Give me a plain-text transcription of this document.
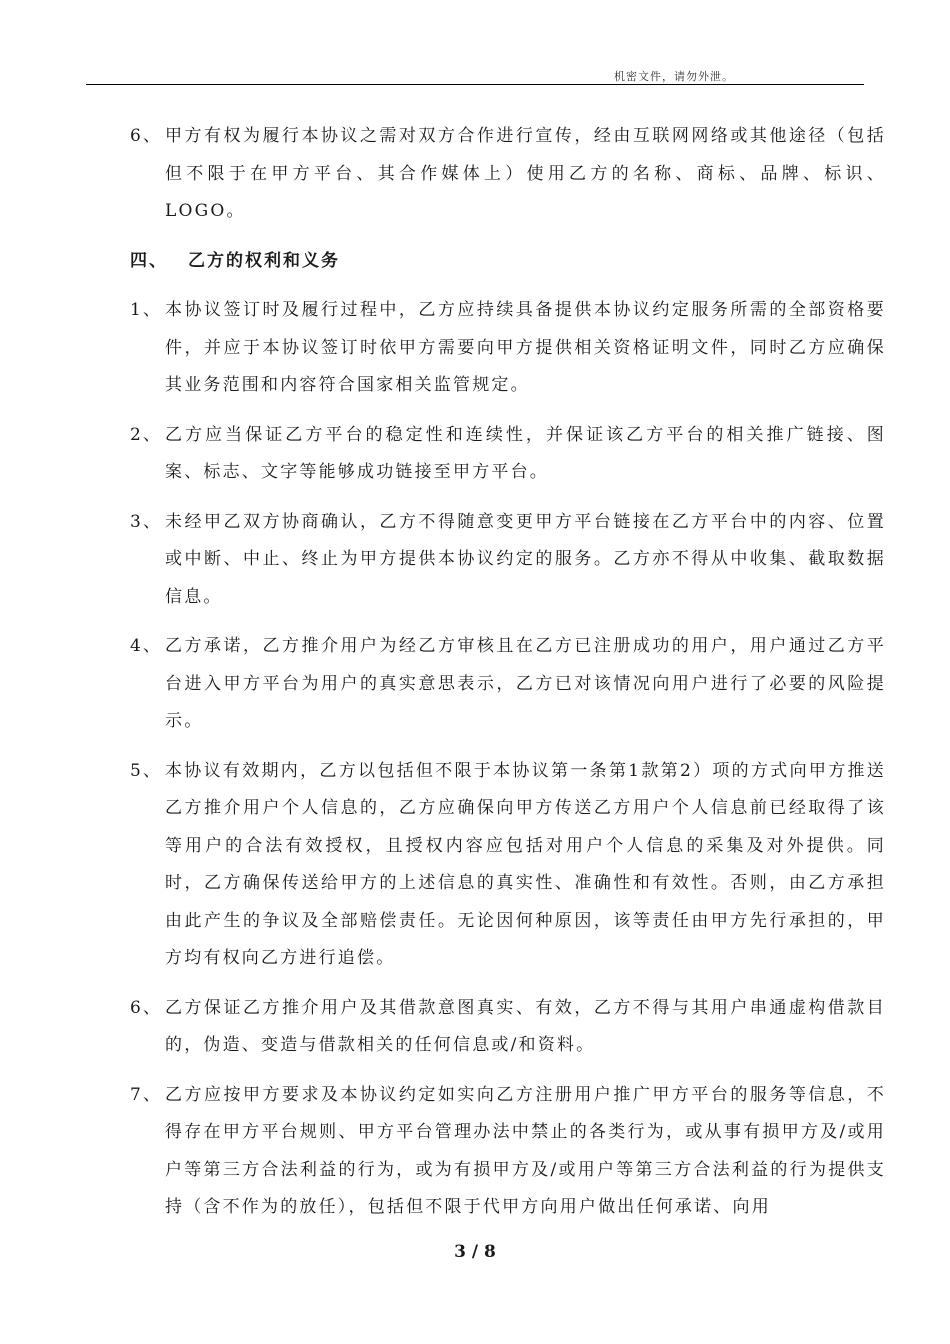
机密文件，请勿外泄。
6、 甲方有权为履行本协议之需对双方合作进行宣传，经由互联网网络或其他途径（包括但不限于在甲方平台、其合作媒体上）使用乙方的名称、商标、品牌、标识、LOGO。
四、 乙方的权利和义务
1、 本协议签订时及履行过程中，乙方应持续具备提供本协议约定服务所需的全部资格要件，并应于本协议签订时依甲方需要向甲方提供相关资格证明文件，同时乙方应确保其业务范围和内容符合国家相关监管规定。
2、 乙方应当保证乙方平台的稳定性和连续性，并保证该乙方平台的相关推广链接、图案、标志、文字等能够成功链接至甲方平台。
3、 未经甲乙双方协商确认，乙方不得随意变更甲方平台链接在乙方平台中的内容、位置或中断、中止、终止为甲方提供本协议约定的服务。乙方亦不得从中收集、截取数据信息。
4、 乙方承诺，乙方推介用户为经乙方审核且在乙方已注册成功的用户，用户通过乙方平台进入甲方平台为用户的真实意思表示，乙方已对该情况向用户进行了必要的风险提示。
5、 本协议有效期内，乙方以包括但不限于本协议第一条第1款第2）项的方式向甲方推送乙方推介用户个人信息的，乙方应确保向甲方传送乙方用户个人信息前已经取得了该等用户的合法有效授权，且授权内容应包括对用户个人信息的采集及对外提供。同时，乙方确保传送给甲方的上述信息的真实性、准确性和有效性。否则，由乙方承担由此产生的争议及全部赔偿责任。无论因何种原因，该等责任由甲方先行承担的，甲方均有权向乙方进行追偿。
6、 乙方保证乙方推介用户及其借款意图真实、有效，乙方不得与其用户串通虚构借款目的，伪造、变造与借款相关的任何信息或/和资料。
7、 乙方应按甲方要求及本协议约定如实向乙方注册用户推广甲方平台的服务等信息，不得存在甲方平台规则、甲方平台管理办法中禁止的各类行为，或从事有损甲方及/或用户等第三方合法利益的行为，或为有损甲方及/或用户等第三方合法利益的行为提供支持（含不作为的放任），包括但不限于代甲方向用户做出任何承诺、向用
3 / 8
